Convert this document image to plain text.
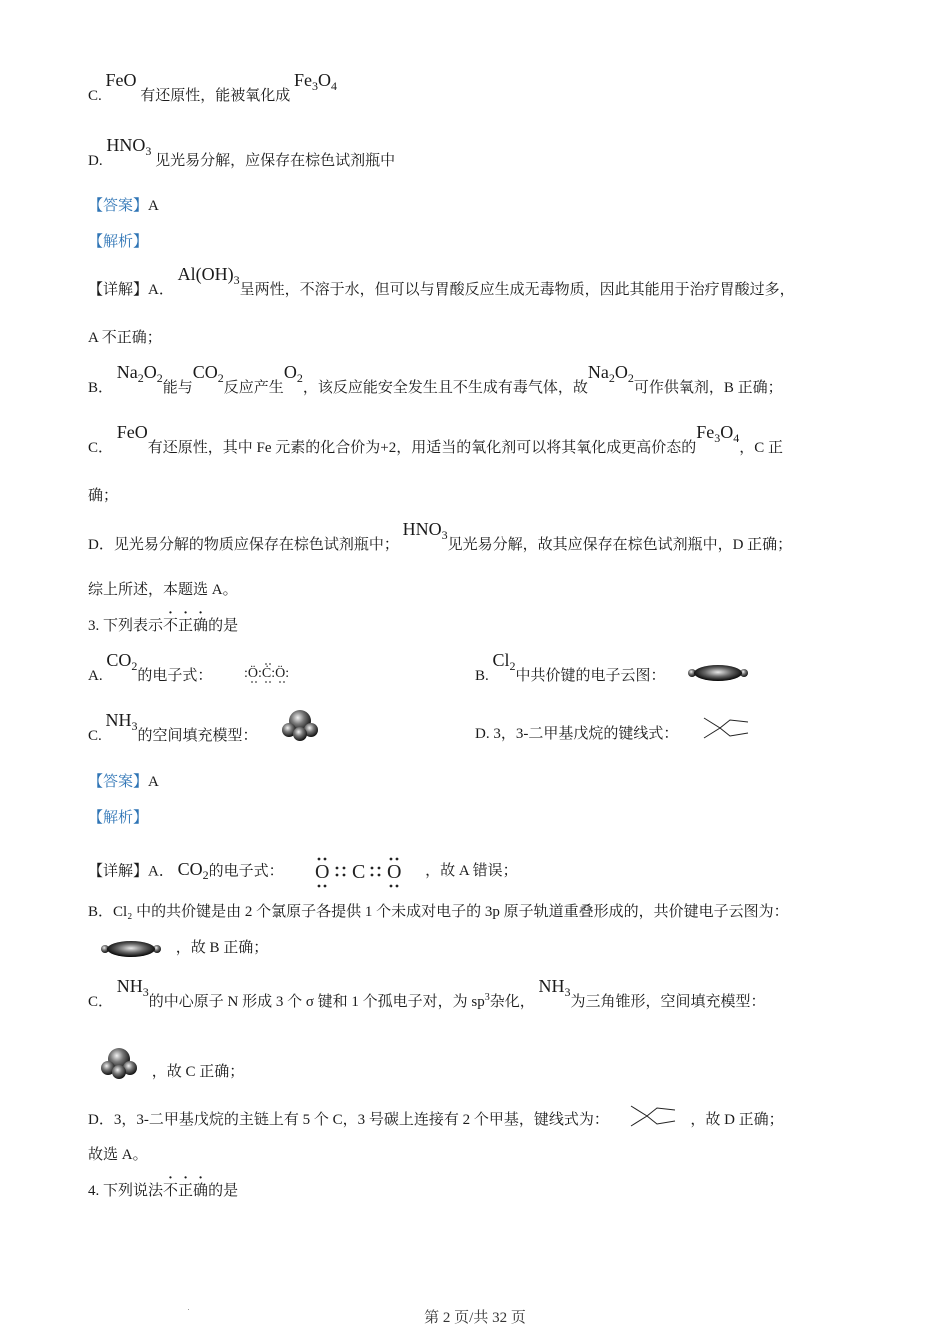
C. FeO 有还原性，能被氧化成 $Fe_3O_4$
D. $HNO_3$ 见光易分解，应保存在棕色试剂瓶中
【答案】A
【解析】
【详解】A． $Al(OH)_3$呈两性，不溶于水，但可以与胃酸反应生成无毒物质，因此其能用于治疗胃酸过多，
A 不正确；
B． $Na_2O_2$能与$CO_2$反应产生$O_2$，该反应能安全发生且不生成有毒气体，故$Na_2O_2$可作供氧剂，B 正确；
C． FeO有还原性，其中 Fe 元素的化合价为+2，用适当的氧化剂可以将其氧化成更高价态的$Fe_3O_4$，C 正
确；
D．见光易分解的物质应保存在棕色试剂瓶中； $HNO_3$见光易分解，故其应保存在棕色试剂瓶中，D 正确；
综上所述，本题选 A。
3. 下列表示不正确的是
A. $CO_2$的电子式： :Ö:Ċ:Ö:	B. $Cl_2$中共价键的电子云图：
C. $NH_3$的空间填充模型：	D. 3，3-二甲基戊烷的键线式：
【答案】A
【解析】
【详解】A． $CO_2$的电子式： O C O ，故 A 错误；
B．Cl₂ 中的共价键是由 2 个氯原子各提供 1 个未成对电子的 3p 原子轨道重叠形成的，共价键电子云图为：
，故 B 正确；
C． $NH_3$的中心原子 N 形成 3 个 σ 键和 1 个孤电子对，为 $sp^3$杂化， $NH_3$为三角锥形，空间填充模型：
，故 C 正确；
D．3，3-二甲基戊烷的主链上有 5 个 C，3 号碳上连接有 2 个甲基，键线式为：	，故 D 正确；
故选 A。
4. 下列说法不正确的是
第 2 页/共 32 页
